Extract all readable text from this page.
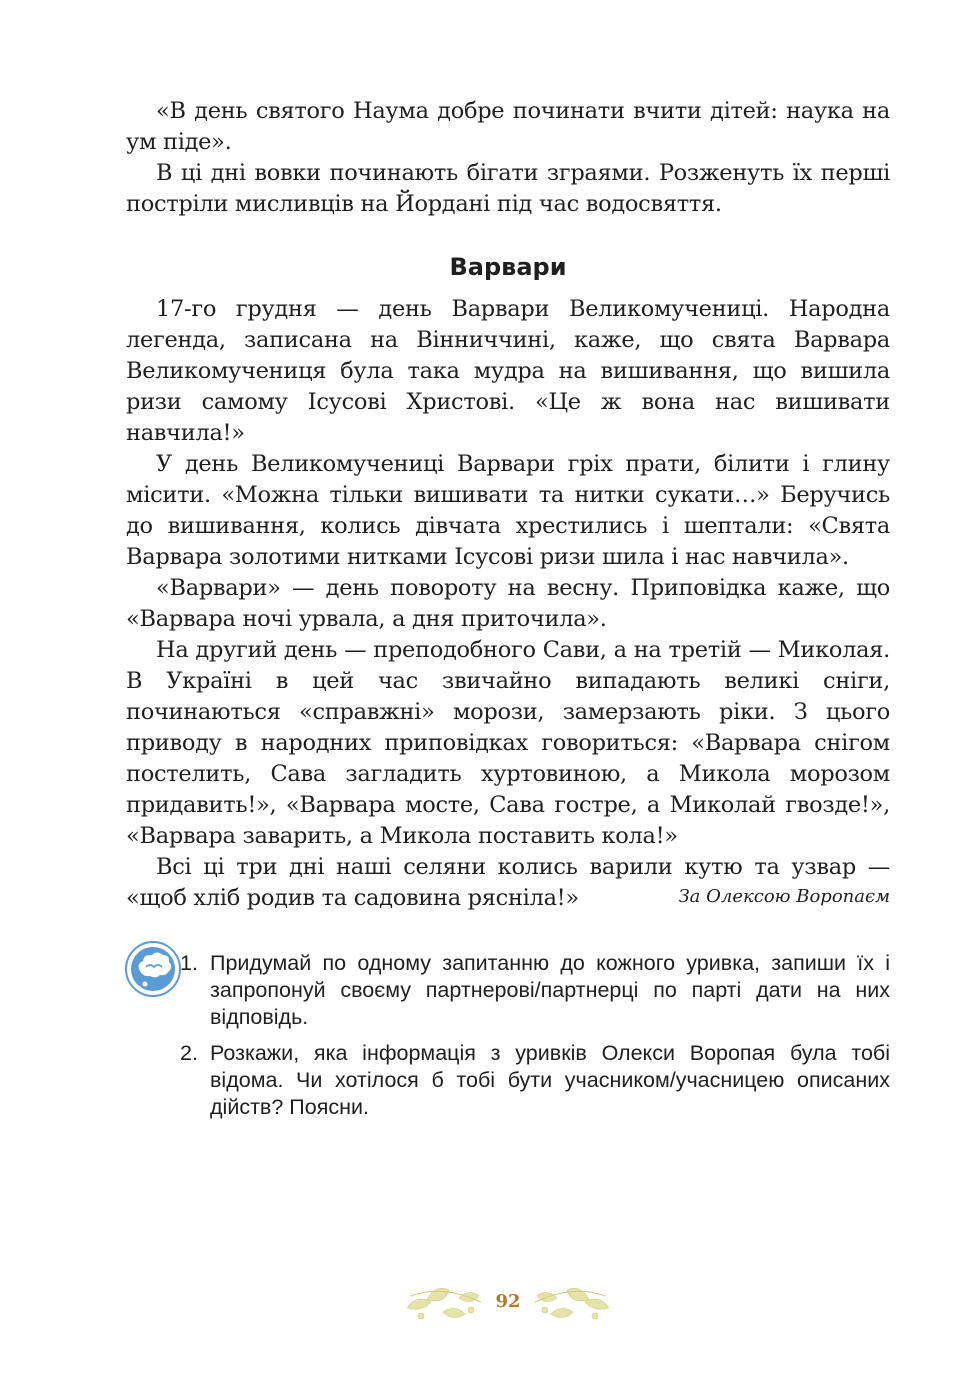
«В день святого Наума добре починати вчити дітей: наука на ум піде».

В ці дні вовки починають бігати зграями. Розженуть їх перші постріли мисливців на Йордані під час водосвяття.

Варвари

17-го грудня — день Варвари Великомучениці. Народна легенда, записана на Вінниччині, каже, що свята Варвара Великомучениця була така мудра на вишивання, що вишила ризи самому Ісусові Христові. «Це ж вона нас вишивати навчила!»

У день Великомучениці Варвари гріх прати, білити і глину місити. «Можна тільки вишивати та нитки сукати…» Беручись до вишивання, колись дівчата хрестились і шептали: «Свята Варвара золотими нитками Ісусові ризи шила і нас навчила».

«Варвари» — день повороту на весну. Приповідка каже, що «Варвара ночі урвала, а дня приточила».

На другий день — преподобного Сави, а на третій — Миколая. В Україні в цей час звичайно випадають великі сніги, починаються «справжні» морози, замерзають ріки. З цього приводу в народних приповідках говориться: «Варвара снігом постелить, Сава загладить хуртовиною, а Микола морозом придавить!», «Варвара мосте, Сава гостре, а Миколай гвозде!», «Варвара заварить, а Микола поставить кола!»

Всі ці три дні наші селяни колись варили кутю та узвар — «щоб хліб родив та садовина рясніла!»	За Олексою Воропаєм
1. Придумай по одному запитанню до кожного уривка, запиши їх і запропонуй своєму партнерові/партнерці по парті дати на них відповідь.
2. Розкажи, яка інформація з уривків Олекси Воропая була тобі відома. Чи хотілося б тобі бути учасником/учасницею описаних дійств? Поясни.
92
